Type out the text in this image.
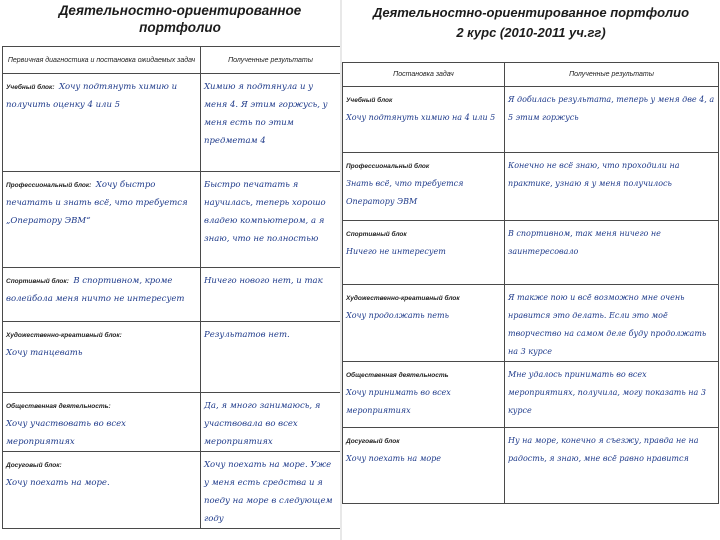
Деятельностно-ориентированное портфолио
Первичная диагностика и постановка ожидаемых задач	Полученные результаты
Учебный блок: Хочу подтянуть химию и получить оценку 4 или 5	Химию я подтянула и у меня 4. Я этим горжусь, у меня есть по этим предметам 4
Профессиональный блок: Хочу быстро печатать и знать всё, что требуется „Оператору ЭВМ“	Быстро печатать я научилась, теперь хорошо владею компьютером, а я знаю, что не полностью
Спортивный блок: В спортивном, кроме волейбола меня ничто не интересует	Ничего нового нет, и так
Художественно-креативный блок:
Хочу танцевать	Результатов нет.
Общественная деятельность:
Хочу участвовать во всех мероприятиях	Да, я много занимаюсь, я участвовала во всех мероприятиях
Досуговый блок:
Хочу поехать на море.	Хочу поехать на море. Уже у меня есть средства и я поеду на море в следующем году
Деятельностно-ориентированное портфолио
2 курс (2010-2011 уч.гг)
Постановка задач	Полученные результаты
Учебный блок
Хочу подтянуть химию на 4 или 5	Я добилась результата, теперь у меня две 4, а 5 этим горжусь
Профессиональный блок
Знать всё, что требуется Оператору ЭВМ	Конечно не всё знаю, что проходили на практике, узнаю я у меня получилось
Спортивный блок
Ничего не интересует	В спортивном, так меня ничего не заинтересовало
Художественно-креативный блок
Хочу продолжать петь	Я также пою и всё возможно мне очень нравится это делать. Если это моё творчество на самом деле буду продолжать на 3 курсе
Общественная деятельность
Хочу принимать во всех мероприятиях	Мне удалось принимать во всех мероприятиях, получила, могу показать на 3 курсе
Досуговый блок
Хочу поехать на море	Ну на море, конечно я съезжу, правда не на радость, я знаю, мне всё равно нравится
